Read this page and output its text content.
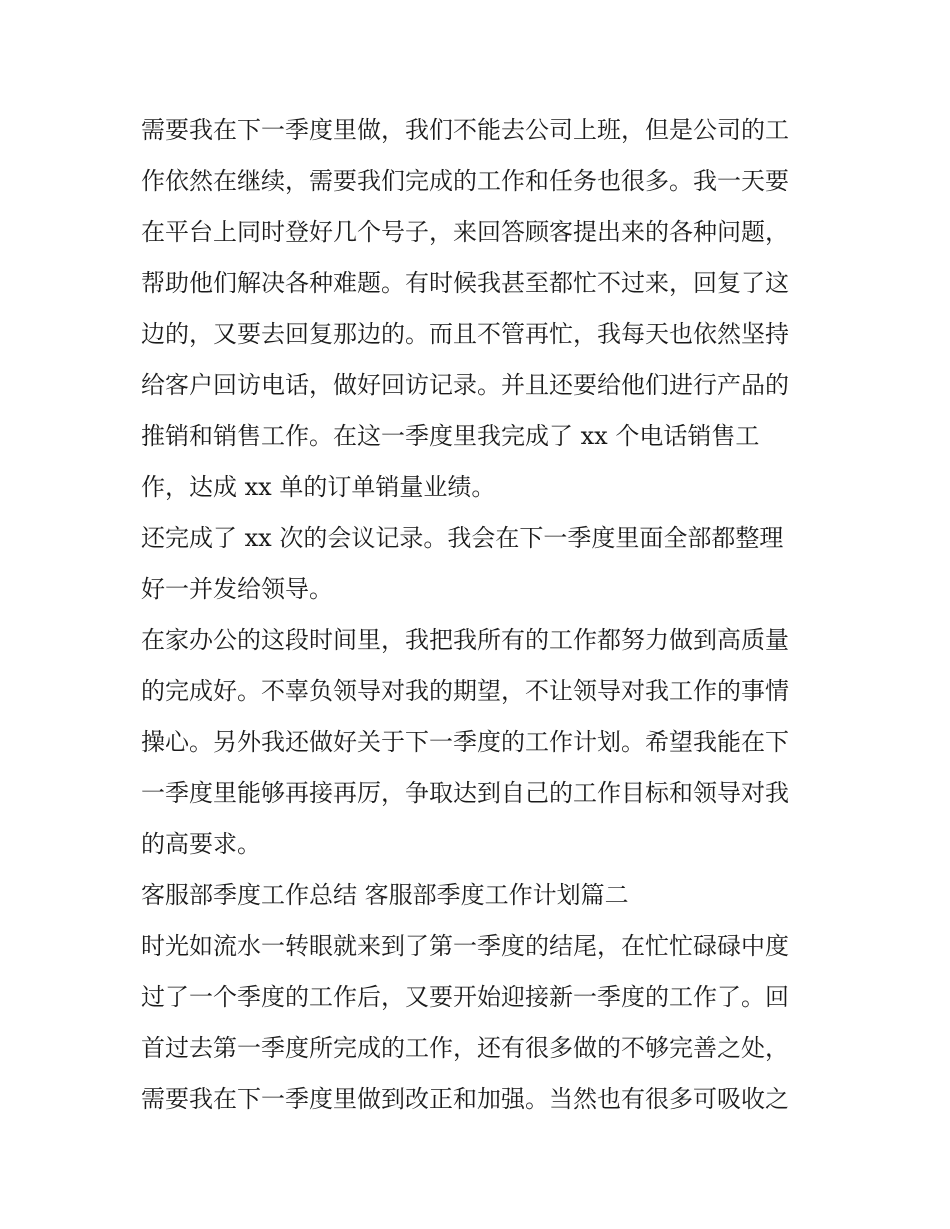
需要我在下一季度里做，我们不能去公司上班，但是公司的工
作依然在继续，需要我们完成的工作和任务也很多。我一天要
在平台上同时登好几个号子，来回答顾客提出来的各种问题，
帮助他们解决各种难题。有时候我甚至都忙不过来，回复了这
边的，又要去回复那边的。而且不管再忙，我每天也依然坚持
给客户回访电话，做好回访记录。并且还要给他们进行产品的
推销和销售工作。在这一季度里我完成了 xx 个电话销售工
作，达成 xx 单的订单销量业绩。
还完成了 xx 次的会议记录。我会在下一季度里面全部都整理
好一并发给领导。
在家办公的这段时间里，我把我所有的工作都努力做到高质量
的完成好。不辜负领导对我的期望，不让领导对我工作的事情
操心。另外我还做好关于下一季度的工作计划。希望我能在下
一季度里能够再接再厉，争取达到自己的工作目标和领导对我
的高要求。
客服部季度工作总结 客服部季度工作计划篇二
时光如流水一转眼就来到了第一季度的结尾，在忙忙碌碌中度
过了一个季度的工作后，又要开始迎接新一季度的工作了。回
首过去第一季度所完成的工作，还有很多做的不够完善之处，
需要我在下一季度里做到改正和加强。当然也有很多可吸收之
